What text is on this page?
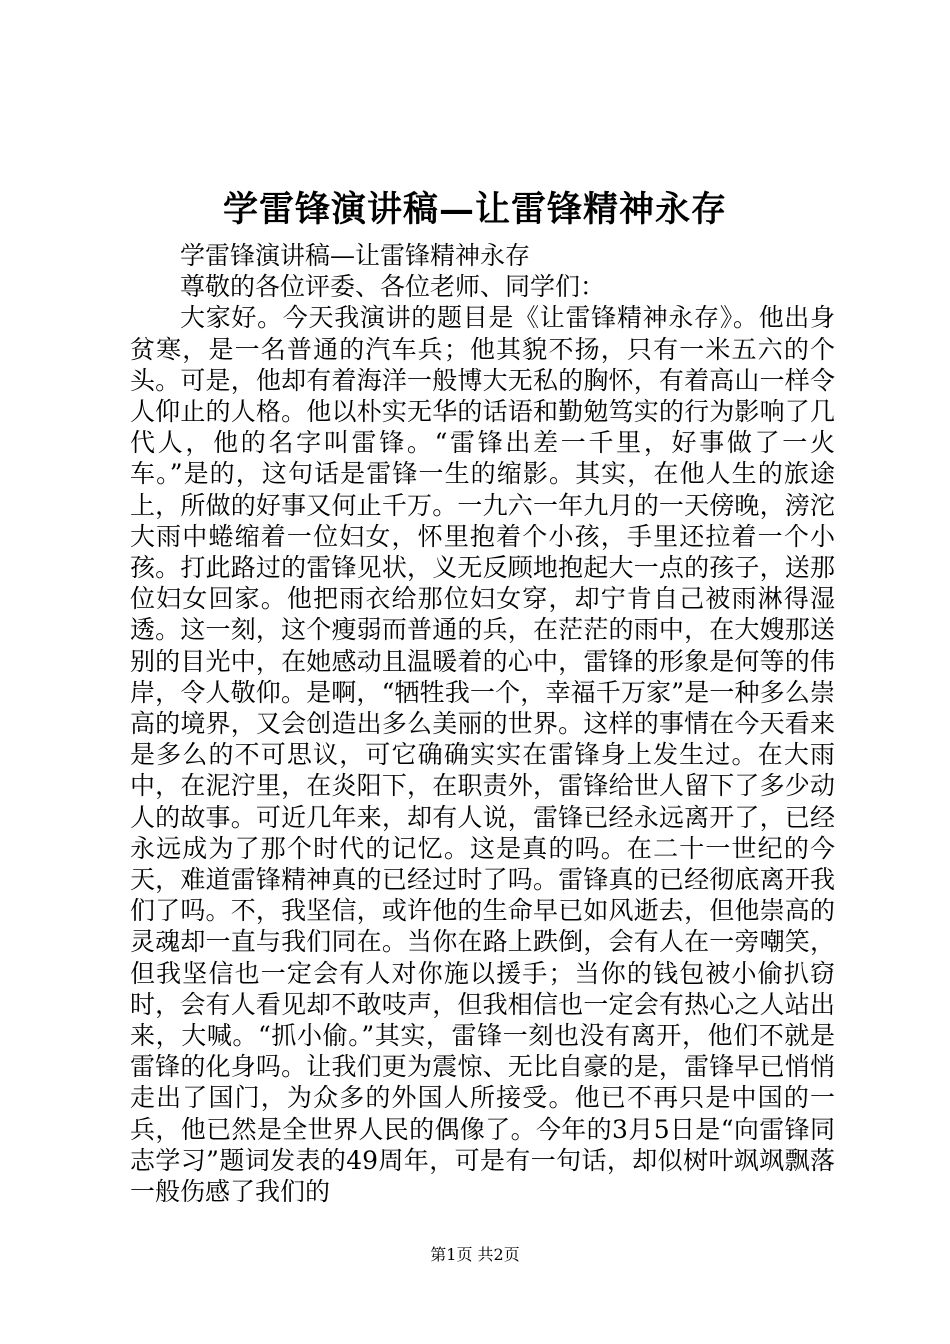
学雷锋演讲稿—让雷锋精神永存

学雷锋演讲稿—让雷锋精神永存

尊敬的各位评委、各位老师、同学们：

大家好。今天我演讲的题目是《让雷锋精神永存》。他出身贫寒，是一名普通的汽车兵；他其貌不扬，只有一米五六的个头。可是，他却有着海洋一般博大无私的胸怀，有着高山一样令人仰止的人格。他以朴实无华的话语和勤勉笃实的行为影响了几代人，他的名字叫雷锋。“雷锋出差一千里，好事做了一火车。”是的，这句话是雷锋一生的缩影。其实，在他人生的旅途上，所做的好事又何止千万。一九六一年九月的一天傍晚，滂沱大雨中蜷缩着一位妇女，怀里抱着个小孩，手里还拉着一个小孩。打此路过的雷锋见状，义无反顾地抱起大一点的孩子，送那位妇女回家。他把雨衣给那位妇女穿，却宁肯自己被雨淋得湿透。这一刻，这个瘦弱而普通的兵，在茫茫的雨中，在大嫂那送别的目光中，在她感动且温暖着的心中，雷锋的形象是何等的伟岸，令人敬仰。是啊，“牺牲我一个，幸福千万家”是一种多么崇高的境界，又会创造出多么美丽的世界。这样的事情在今天看来是多么的不可思议，可它确确实实在雷锋身上发生过。在大雨中，在泥泞里，在炎阳下，在职责外，雷锋给世人留下了多少动人的故事。可近几年来，却有人说，雷锋已经永远离开了，已经永远成为了那个时代的记忆。这是真的吗。在二十一世纪的今天，难道雷锋精神真的已经过时了吗。雷锋真的已经彻底离开我们了吗。不，我坚信，或许他的生命早已如风逝去，但他崇高的灵魂却一直与我们同在。当你在路上跌倒，会有人在一旁嘲笑，但我坚信也一定会有人对你施以援手；当你的钱包被小偷扒窃时，会有人看见却不敢吱声，但我相信也一定会有热心之人站出来，大喊。“抓小偷。”其实，雷锋一刻也没有离开，他们不就是雷锋的化身吗。让我们更为震惊、无比自豪的是，雷锋早已悄悄走出了国门，为众多的外国人所接受。他已不再只是中国的一兵，他已然是全世界人民的偶像了。今年的3月5日是“向雷锋同志学习”题词发表的49周年，可是有一句话，却似树叶飒飒飘落一般伤感了我们的

第1页 共2页
